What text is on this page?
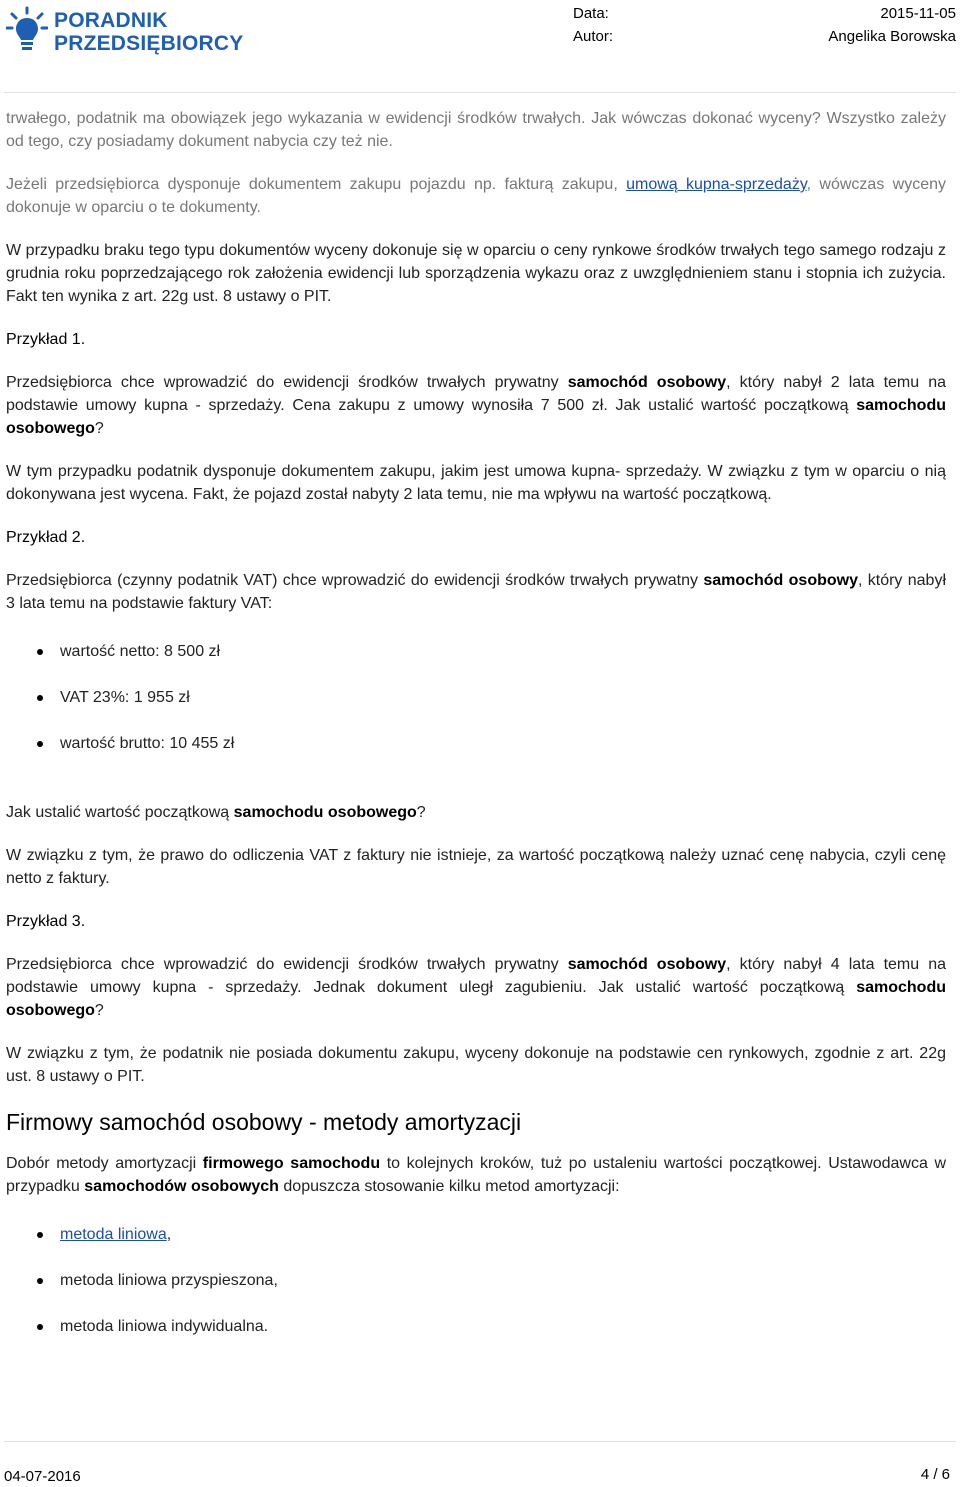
PORADNIK
PRZEDSIĘBIORCY
Data:	2015-11-05
Autor:	Angelika Borowska

trwałego, podatnik ma obowiązek jego wykazania w ewidencji środków trwałych. Jak wówczas dokonać wyceny? Wszystko zależy od tego, czy posiadamy dokument nabycia czy też nie.

Jeżeli przedsiębiorca dysponuje dokumentem zakupu pojazdu np. fakturą zakupu, umową kupna-sprzedaży, wówczas wyceny dokonuje w oparciu o te dokumenty.

W przypadku braku tego typu dokumentów wyceny dokonuje się w oparciu o ceny rynkowe środków trwałych tego samego rodzaju z grudnia roku poprzedzającego rok założenia ewidencji lub sporządzenia wykazu oraz z uwzględnieniem stanu i stopnia ich zużycia. Fakt ten wynika z art. 22g ust. 8 ustawy o PIT.

Przykład 1.

Przedsiębiorca chce wprowadzić do ewidencji środków trwałych prywatny samochód osobowy, który nabył 2 lata temu na podstawie umowy kupna - sprzedaży. Cena zakupu z umowy wynosiła 7 500 zł. Jak ustalić wartość początkową samochodu osobowego?

W tym przypadku podatnik dysponuje dokumentem zakupu, jakim jest umowa kupna- sprzedaży. W związku z tym w oparciu o nią dokonywana jest wycena. Fakt, że pojazd został nabyty 2 lata temu, nie ma wpływu na wartość początkową.

Przykład 2.

Przedsiębiorca (czynny podatnik VAT) chce wprowadzić do ewidencji środków trwałych prywatny samochód osobowy, który nabył 3 lata temu na podstawie faktury VAT:

wartość netto: 8 500 zł
VAT 23%: 1 955 zł
wartość brutto: 10 455 zł

Jak ustalić wartość początkową samochodu osobowego?

W związku z tym, że prawo do odliczenia VAT z faktury nie istnieje, za wartość początkową należy uznać cenę nabycia, czyli cenę netto z faktury.

Przykład 3.

Przedsiębiorca chce wprowadzić do ewidencji środków trwałych prywatny samochód osobowy, który nabył 4 lata temu na podstawie umowy kupna - sprzedaży. Jednak dokument uległ zagubieniu. Jak ustalić wartość początkową samochodu osobowego?

W związku z tym, że podatnik nie posiada dokumentu zakupu, wyceny dokonuje na podstawie cen rynkowych, zgodnie z art. 22g ust. 8 ustawy o PIT.

Firmowy samochód osobowy - metody amortyzacji

Dobór metody amortyzacji firmowego samochodu to kolejnych kroków, tuż po ustaleniu wartości początkowej. Ustawodawca w przypadku samochodów osobowych dopuszcza stosowanie kilku metod amortyzacji:

metoda liniowa,
metoda liniowa przyspieszona,
metoda liniowa indywidualna.
04-07-2016	4 / 6
